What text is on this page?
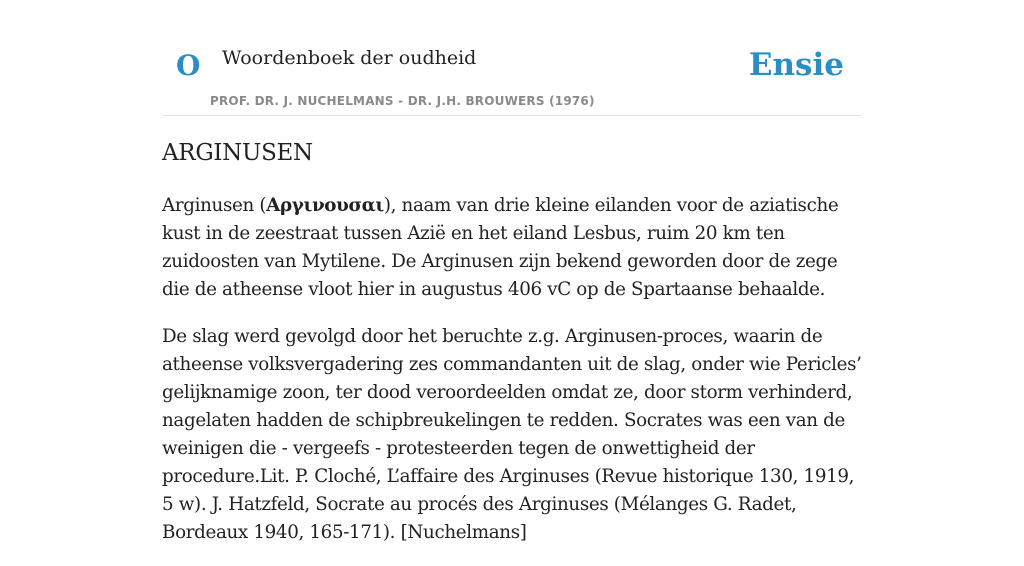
O Woordenboek der oudheid
PROF. DR. J. NUCHELMANS - DR. J.H. BROUWERS (1976)
Ensie
ARGINUSEN

Arginusen (Αργινουσαι), naam van drie kleine eilanden voor de aziatische kust in de zeestraat tussen Azië en het eiland Lesbus, ruim 20 km ten zuidoosten van Mytilene. De Arginusen zijn bekend geworden door de zege die de atheense vloot hier in augustus 406 vC op de Spartaanse behaalde.

De slag werd gevolgd door het beruchte z.g. Arginusen-proces, waarin de atheense volksvergadering zes commandanten uit de slag, onder wie Pericles’ gelijknamige zoon, ter dood veroordeelden omdat ze, door storm verhinderd, nagelaten hadden de schipbreukelingen te redden. Socrates was een van de weinigen die - vergeefs - protesteerden tegen de onwettigheid der procedure.Lit. P. Cloché, L’affaire des Arginuses (Revue historique 130, 1919, 5 w). J. Hatzfeld, Socrate au procés des Arginuses (Mélanges G. Radet, Bordeaux 1940, 165-171). [Nuchelmans]
